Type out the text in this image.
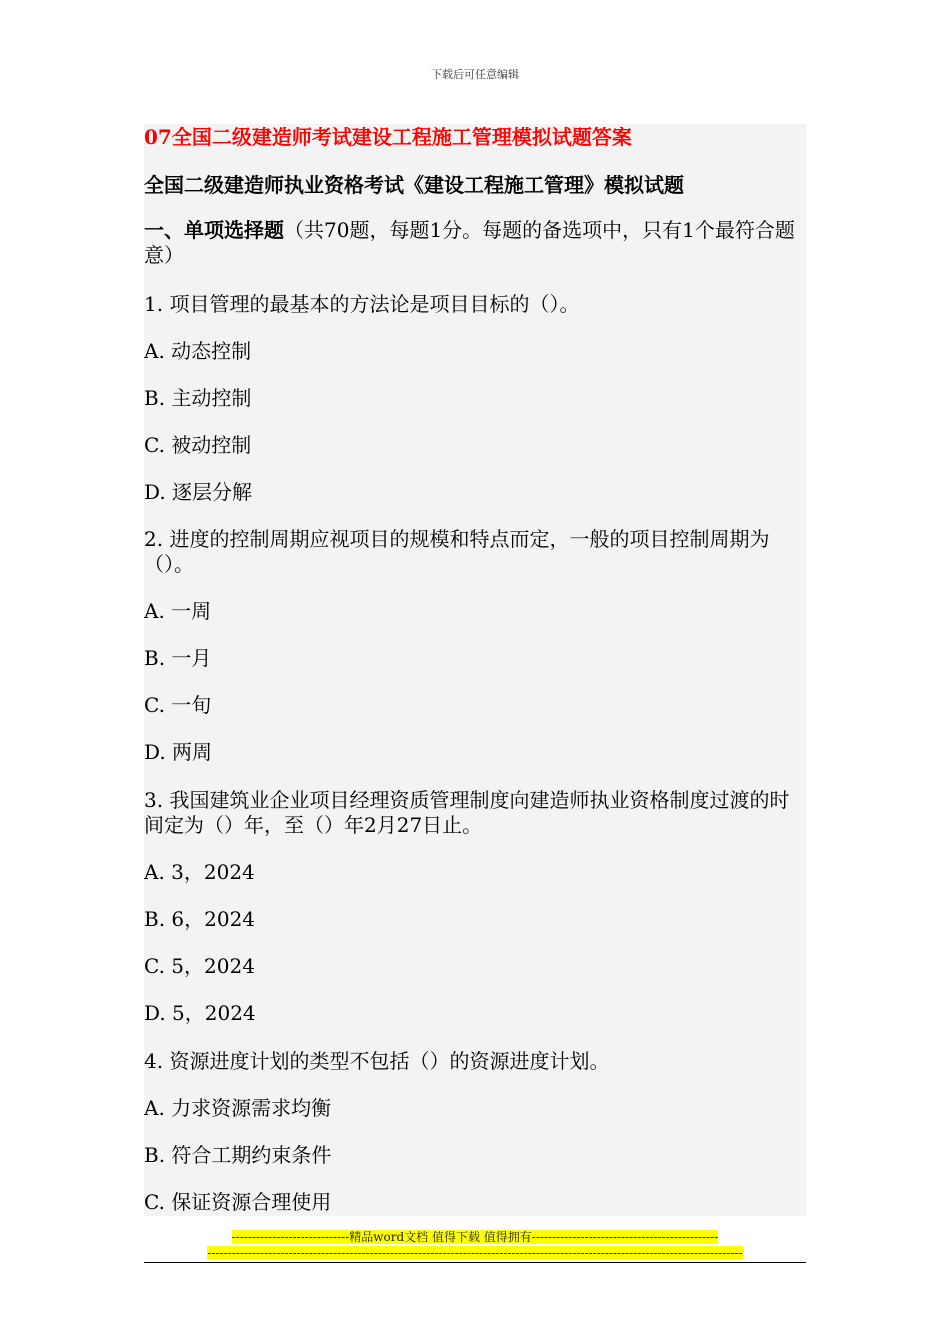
下载后可任意编辑
07全国二级建造师考试建设工程施工管理模拟试题答案
全国二级建造师执业资格考试《建设工程施工管理》模拟试题
一、单项选择题（共70题，每题1分。每题的备选项中，只有1个最符合题意）
1. 项目管理的最基本的方法论是项目目标的（）。
A. 动态控制
B. 主动控制
C. 被动控制
D. 逐层分解
2. 进度的控制周期应视项目的规模和特点而定，一般的项目控制周期为（）。
A. 一周
B. 一月
C. 一旬
D. 两周
3. 我国建筑业企业项目经理资质管理制度向建造师执业资格制度过渡的时间定为（）年，至（）年2月27日止。
A. 3，2024
B. 6，2024
C. 5，2024
D. 5，2024
4. 资源进度计划的类型不包括（）的资源进度计划。
A. 力求资源需求均衡
B. 符合工期约束条件
C. 保证资源合理使用
-----------------------------精品word文档 值得下载 值得拥有----------------------------------------------
------------------------------------------------------------------------------------------------------------------------------------
